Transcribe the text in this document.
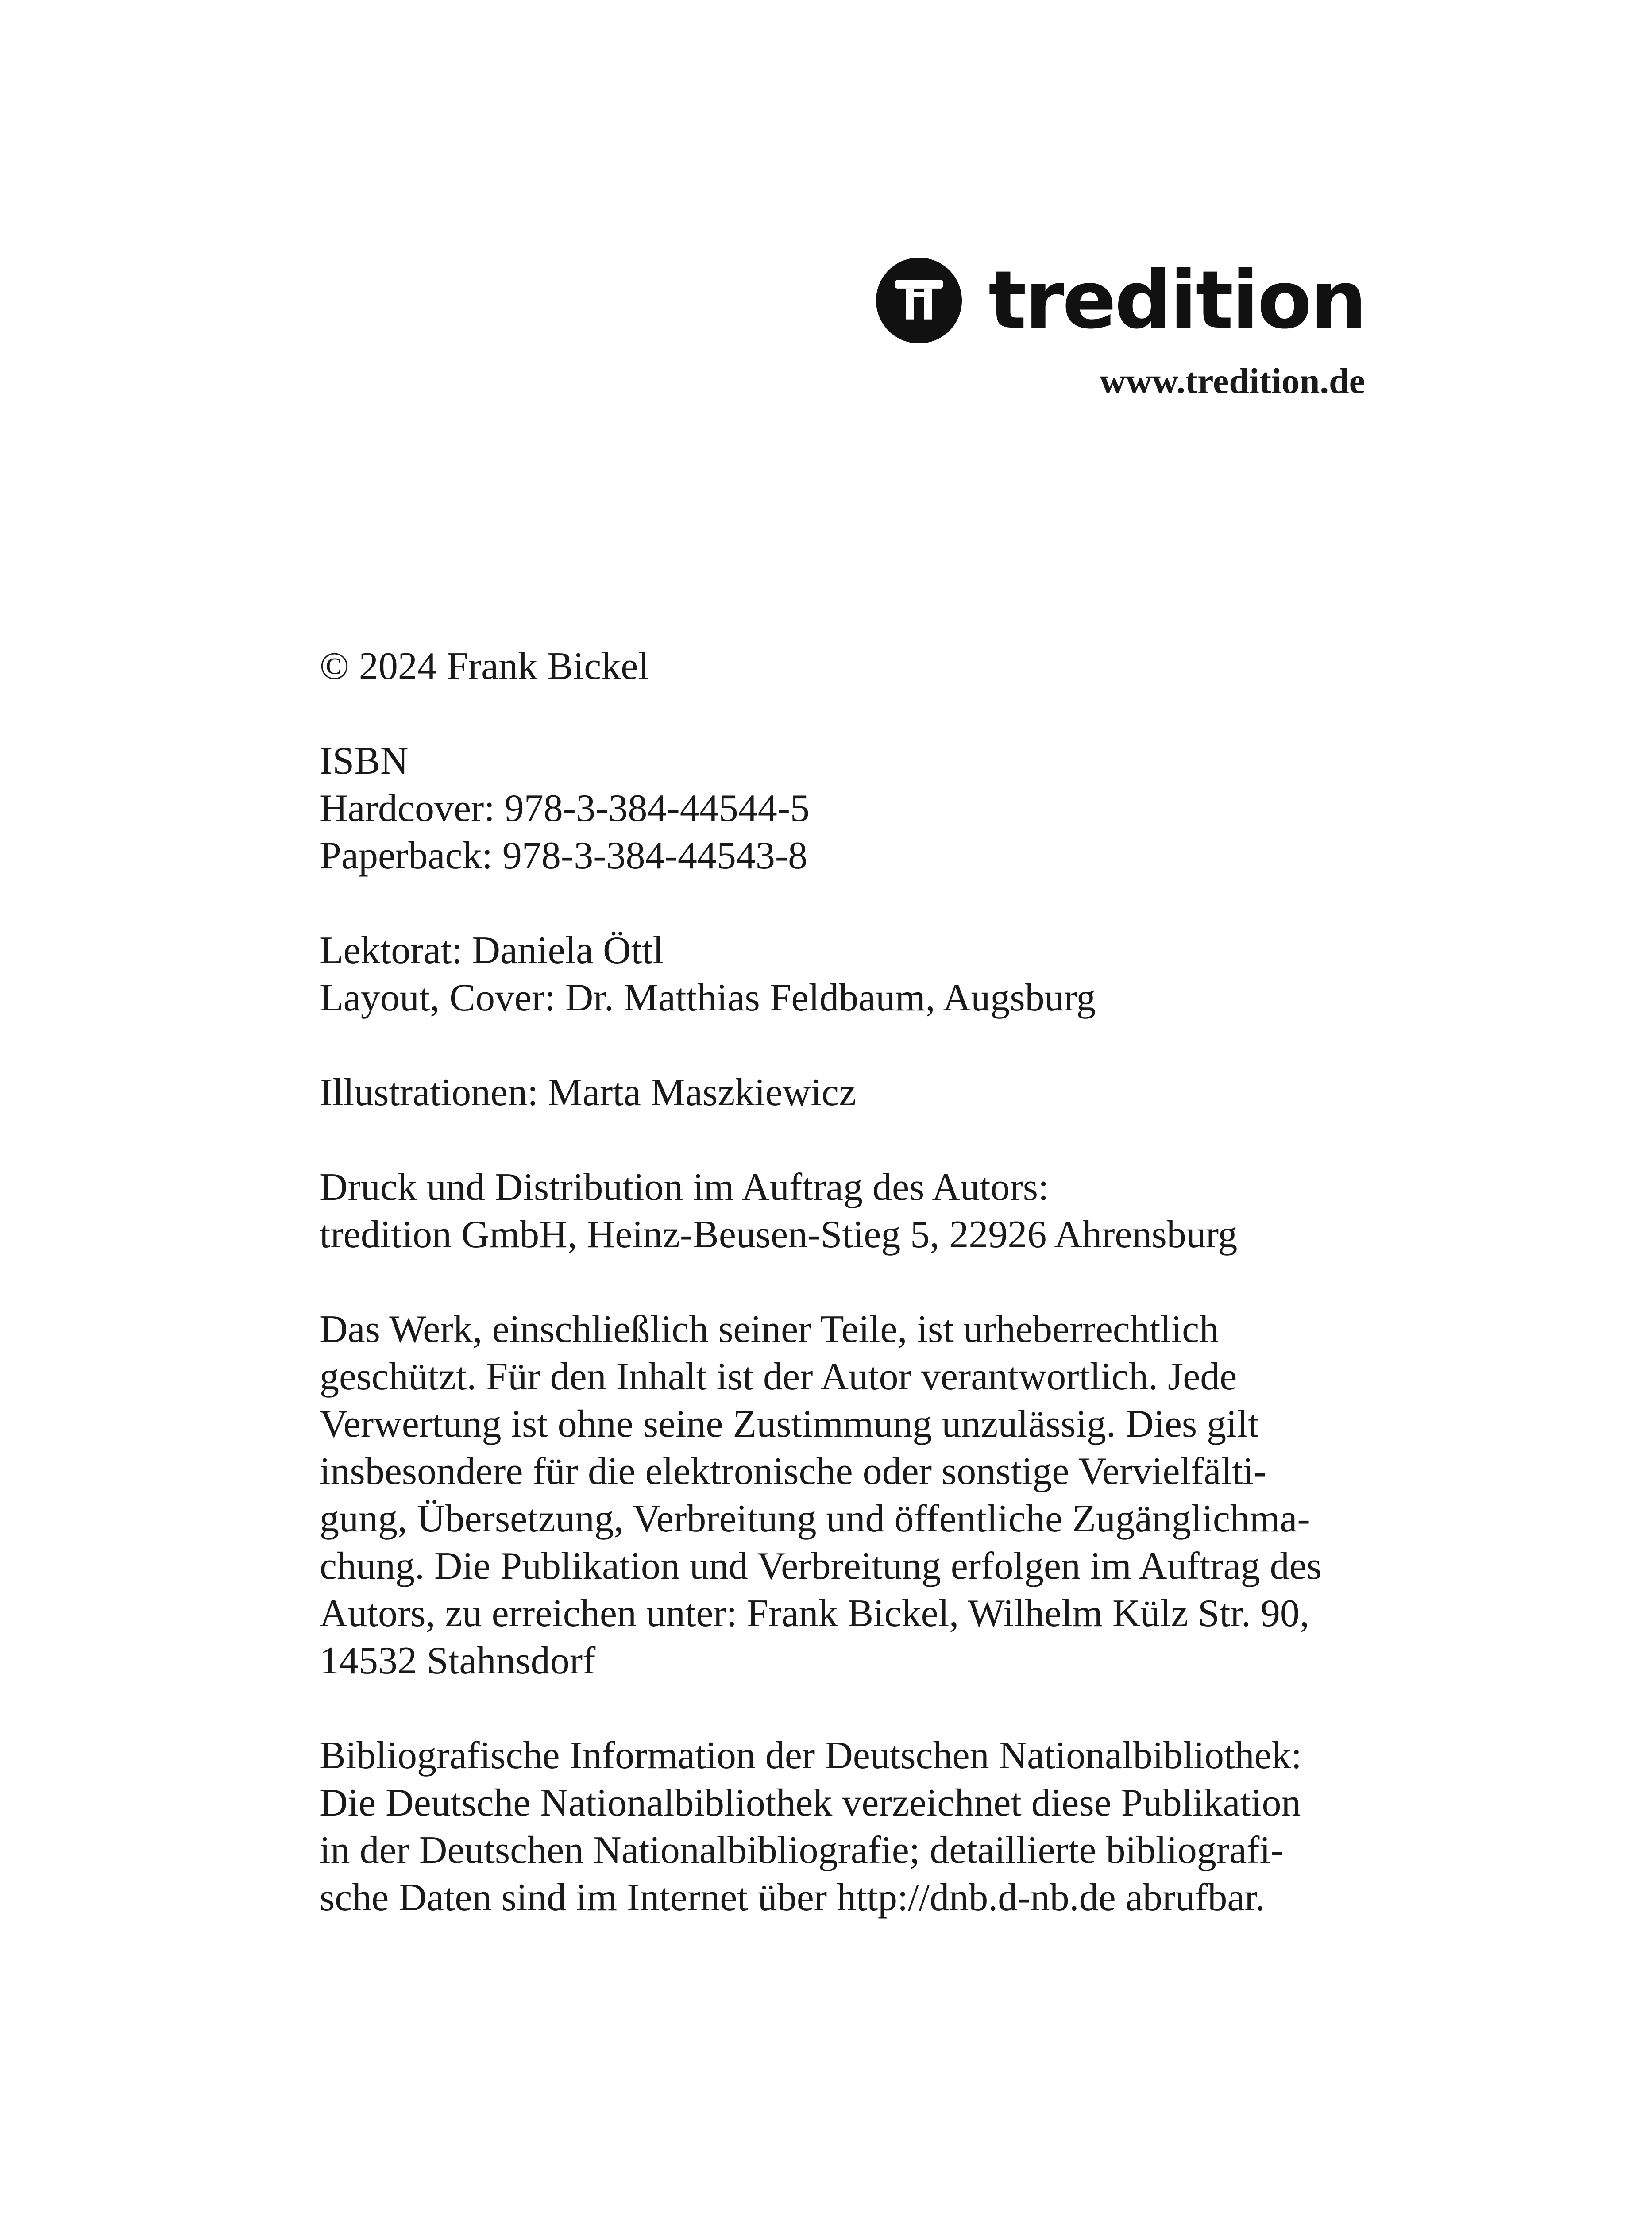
tredition
www.tredition.de
© 2024 Frank Bickel
ISBN
Hardcover: 978-3-384-44544-5
Paperback: 978-3-384-44543-8
Lektorat: Daniela Öttl
Layout, Cover: Dr. Matthias Feldbaum, Augsburg
Illustrationen: Marta Maszkiewicz
Druck und Distribution im Auftrag des Autors:
tredition GmbH, Heinz-Beusen-Stieg 5, 22926 Ahrensburg
Das Werk, einschließlich seiner Teile, ist urheberrechtlich
geschützt. Für den Inhalt ist der Autor verantwortlich. Jede
Verwertung ist ohne seine Zustimmung unzulässig. Dies gilt
insbesondere für die elektronische oder sonstige Vervielfälti-
gung, Übersetzung, Verbreitung und öffentliche Zugänglichma-
chung. Die Publikation und Verbreitung erfolgen im Auftrag des
Autors, zu erreichen unter: Frank Bickel, Wilhelm Külz Str. 90,
14532 Stahnsdorf
Bibliografische Information der Deutschen Nationalbibliothek:
Die Deutsche Nationalbibliothek verzeichnet diese Publikation
in der Deutschen Nationalbibliografie; detaillierte bibliografi-
sche Daten sind im Internet über http://dnb.d-nb.de abrufbar.
